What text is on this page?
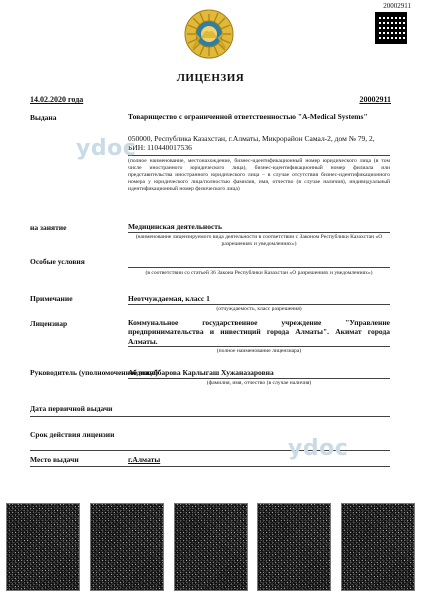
20002911
ЛИЦЕНЗИЯ
14.02.2020 года	20002911
Выдана	Товарищество с ограниченной ответственностью "A-Medical Systems"
050000, Республика Казахстан, г.Алматы, Микрорайон Самал-2, дом № 79, 2, БИН: 110440017536
(полное наименование, местонахождение, бизнес-идентификационный номер юридического лица (в том числе иностранного юридического лица), бизнес-идентификационный номер филиала или представительства иностранного юридического лица – в случае отсутствия бизнес-идентификационного номера у юридического лица/полностью фамилия, имя, отчество (в случае наличия), индивидуальный идентификационный номер физического лица)
на занятие	Медицинская деятельность
(наименование лицензируемого вида деятельности в соответствии с Законом Республики Казахстан «О разрешениях и уведомлениях»)
Особые условия
(в соответствии со статьей 36 Закона Республики Казахстан «О разрешениях и уведомлениях»)
Примечание	Неотчуждаемая, класс 1
(отчуждаемость, класс разрешения)
Лицензиар	Коммунальное государственное учреждение "Управление предпринимательства и инвестиций города Алматы". Акимат города Алматы.
(полное наименование лицензиара)
Руководитель (уполномоченное лицо)
Абдижаббарова Карлыгаш Хужаназаровна
(фамилия, имя, отчество (в случае наличия)
Дата первичной выдачи
Срок действия лицензии
Место выдачи	г.Алматы
ydoc
ydoc
